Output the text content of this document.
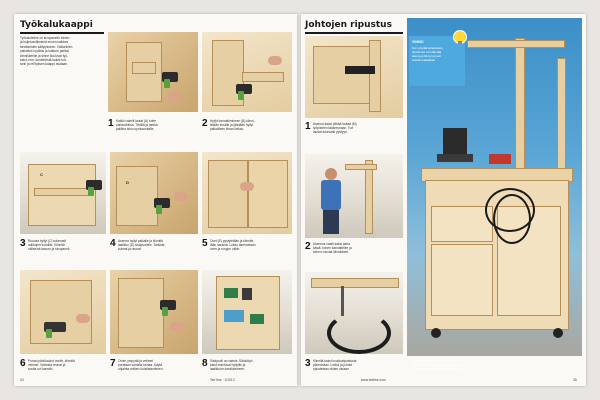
Työkalukaappi
Työkaluteline on sivupanelin toinen
ja kuljetusvälineinä ennen kaikkea
tarvikkeiden säilytykseen. Väliseinien
paikoitus hyväksi ja kattoon pariksi
kiinnikkeelle ja sinne kuuluvat työ-
kalut, mm. konetiivistä laukki toh-
turin ja rei'ityksen kaappi avataan.
1 Kaikki valmiit lautat (A) tulee
paikkoihinsa. Tiiviillä ja tarkka
palikka istuu upotusrukalle.
2 Hyllyt kannattimineen (B) kiinni-
tetään sivuille ja jätetään hyllyt
paikoilleen ilman liimaa.
C
D
3 Ruuvaa hyllyt (C) tukevasti
aukkojen kohdille. Kiinnitä
väliseinä tasoon ja sivupaneli.
4 Asenna hyllyt paikalle ja kiinnitä
laatikko (D) sisäpuolelle. Tarkista
kulmat ja reunat.
5 Ovet (E) pystytetään ja kiinnite-
tään saranat. Lukko asennetaan
oven ja rungon väliin.
6 Poraa työntöaukot ovelle, kiinnitä
vetimet. Vahvista reunat ja
sovita ovi karmiin.
7 Ovien ympyrät ja vetimet
porataan samalla kertaa. Käytä
ohjainta reikien kohdistamiseen.
8 Sisäpuoli on valmis. Sähkötyö-
kalut mahtuvat hyllyille ja
laatikkoon tarvikkeineen.
34	Tee Itse · 1/2013
Johtojen ripustus
1 Asenna kaksi pitkää lautaa (M)
työpisteen takareunaan. Tue
laudat tukevasti pystyyn.
2 Asennus vaatii kaksi paria
käsiä: toinen kannattelee ja
toinen ruuvaa kiinnikkeet.
3 Kiinnitä kaksi koukkuripustusta
yläreunaan. Letkut ja johdot
ripustetaan niiden varaan.
VINKKI
Kun pöytää kuljetetaan,
ripustimet voi kääntää
alas ja johdot pysyvät
siististi paikallaan.
Kiinteä työpiste liikkuu kätevästi
pyörien ansiosta, ja johdot pysyvät
ripustimien avulla poissa lattialta.
www.teeitse.com	35
